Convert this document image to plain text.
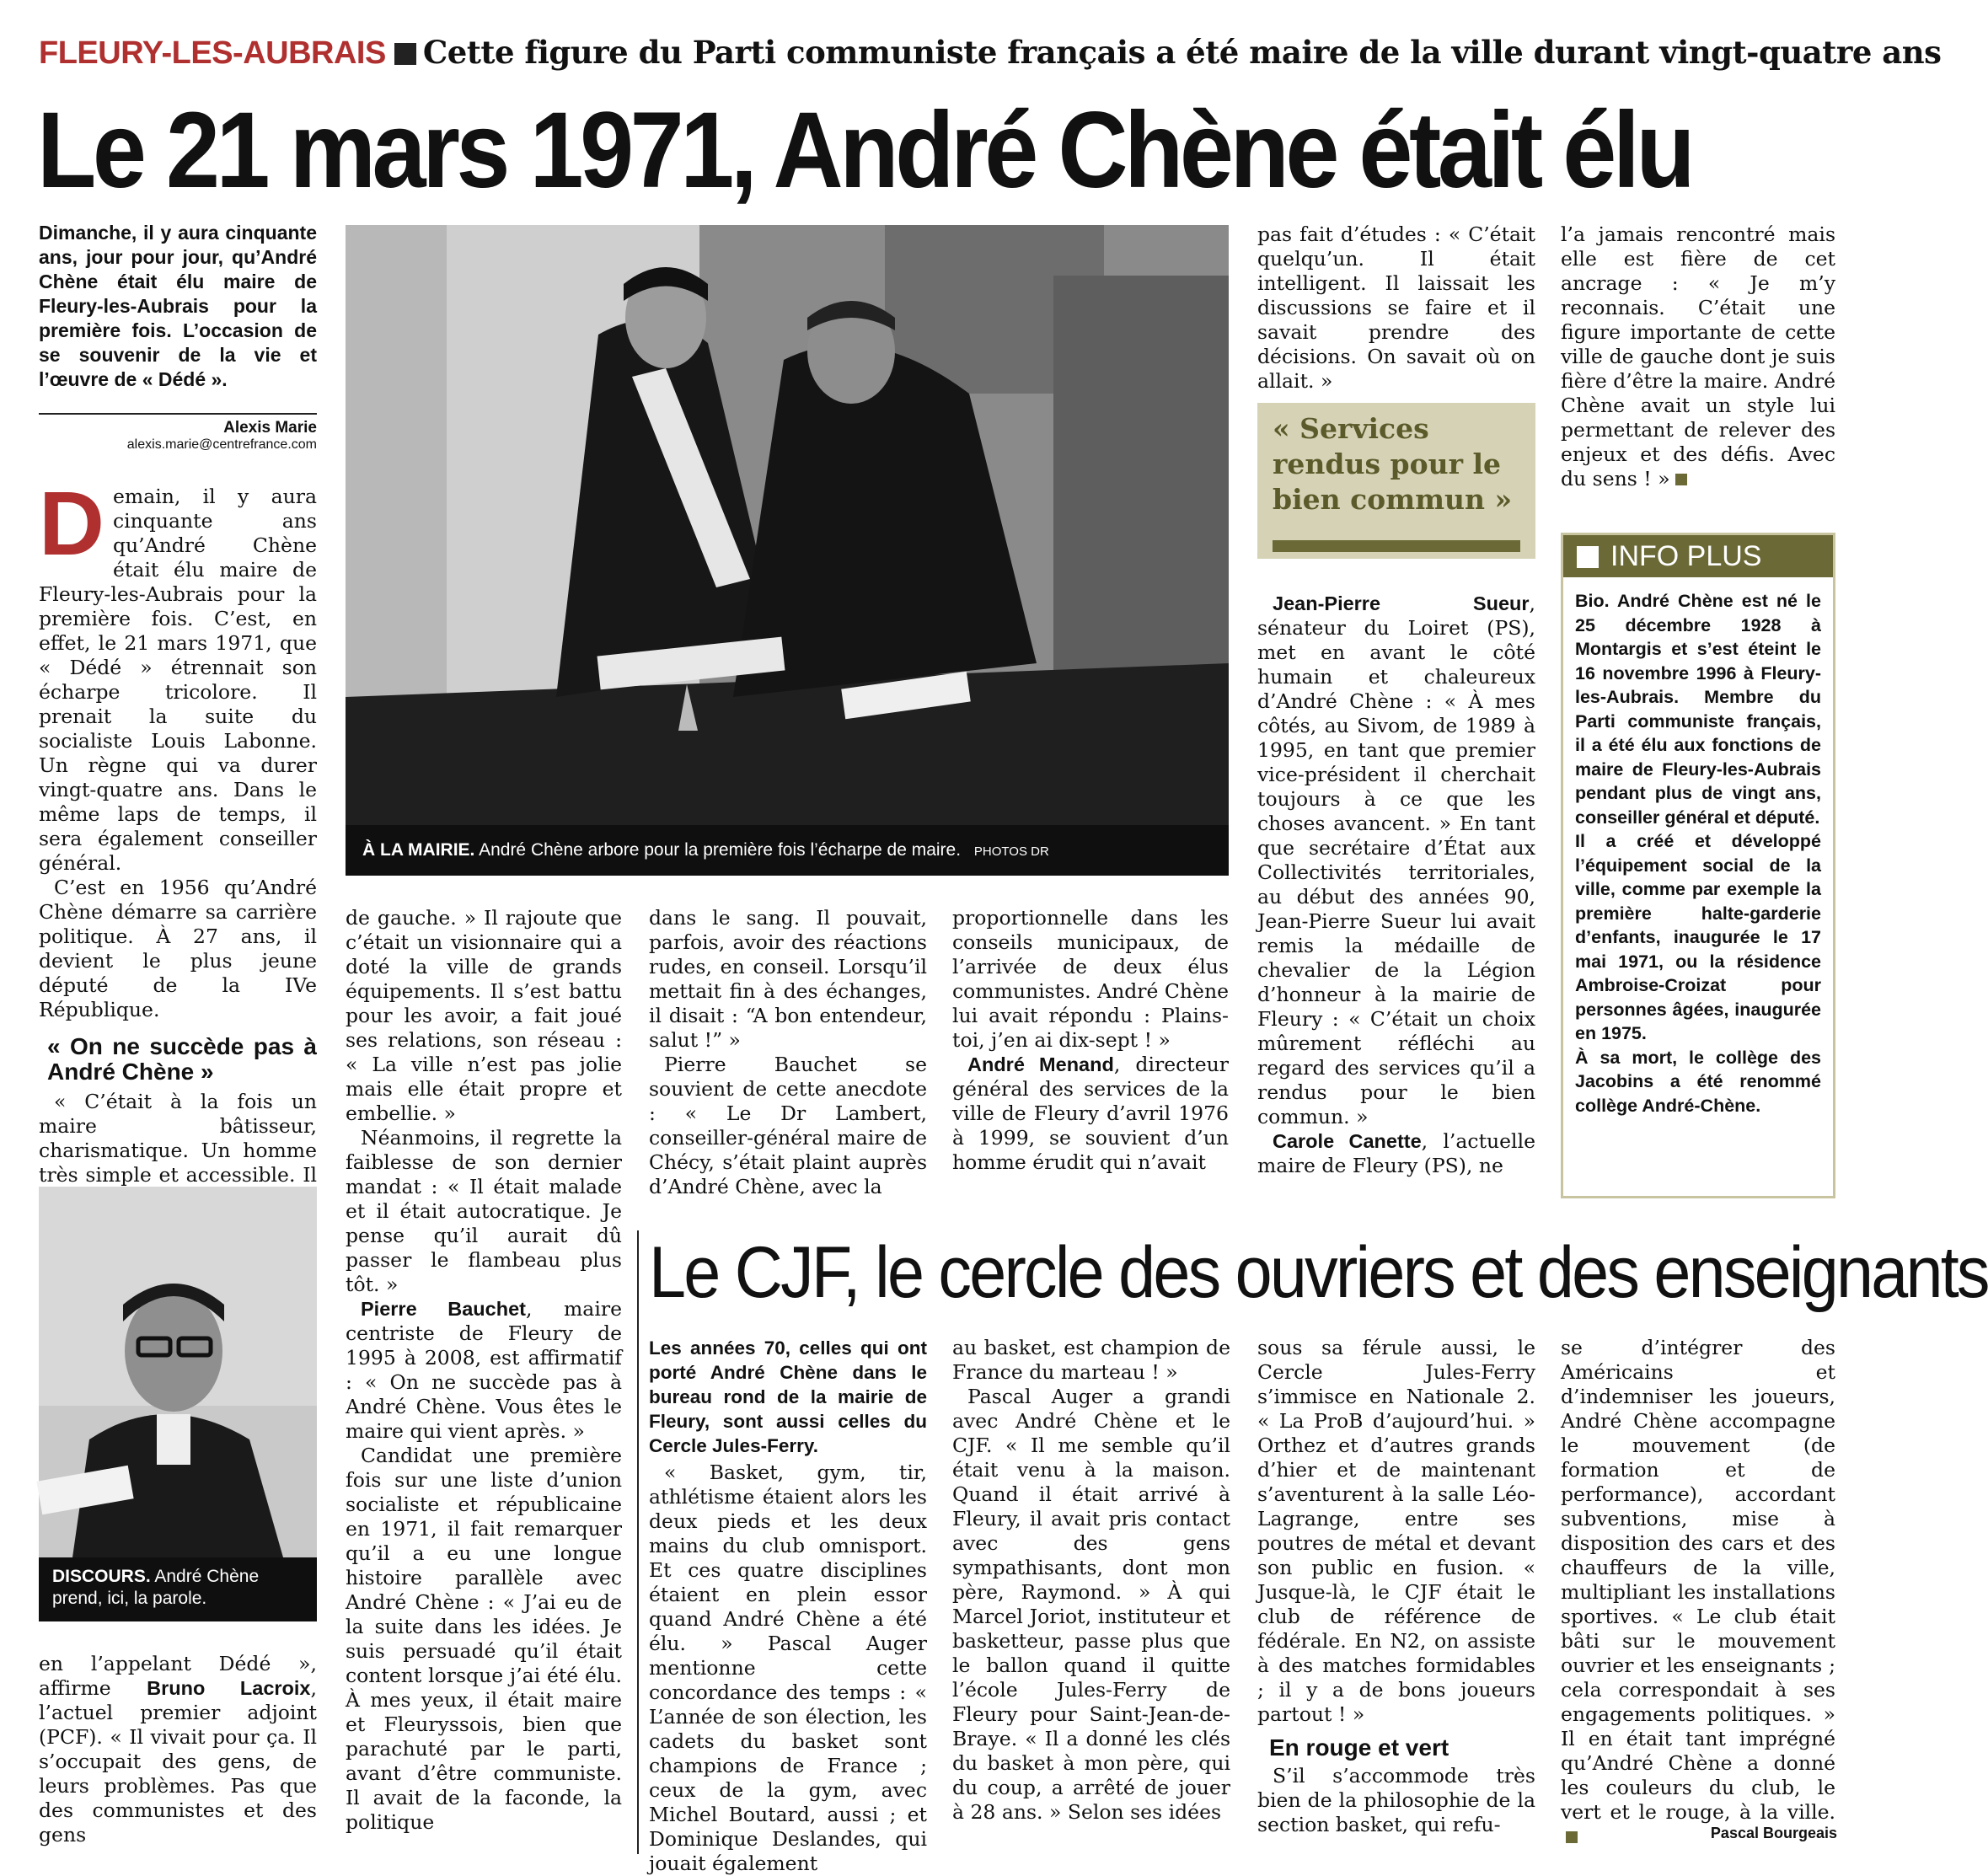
FLEURY-LES-AUBRAIS Cette figure du Parti communiste français a été maire de la ville durant vingt-quatre ans
Le 21 mars 1971, André Chène était élu
Dimanche, il y aura cinquante ans, jour pour jour, qu’André Chène était élu maire de Fleury-les-Aubrais pour la première fois. L’occasion de se souvenir de la vie et l’œuvre de « Dédé ».
Alexis Marie
alexis.marie@centrefrance.com

Demain, il y aura cinquante ans qu’André Chène était élu maire de Fleury-les-Aubrais pour la première fois. C’est, en effet, le 21 mars 1971, que « Dédé » étrennait son écharpe tricolore. Il prenait la suite du socialiste Louis Labonne. Un règne qui va durer vingt-quatre ans. Dans le même laps de temps, il sera également conseiller général.

C’est en 1956 qu’André Chène démarre sa carrière politique. À 27 ans, il devient le plus jeune député de la IVe République.

« On ne succède pas à André Chène »

« C’était à la fois un maire bâtisseur, charismatique. Un homme très simple et accessible. Il

DISCOURS. André Chène prend, ici, la parole.

en l’appelant Dédé », affirme Bruno Lacroix, l’actuel premier adjoint (PCF). « Il vivait pour ça. Il s’occupait des gens, de leurs problèmes. Pas que des communistes et des gens

À LA MAIRIE. André Chène arbore pour la première fois l’écharpe de maire. PHOTOS DR

de gauche. » Il rajoute que c’était un visionnaire qui a doté la ville de grands équipements. Il s’est battu pour les avoir, a fait joué ses relations, son réseau : « La ville n’est pas jolie mais elle était propre et embellie. »

Néanmoins, il regrette la faiblesse de son dernier mandat : « Il était malade et il était autocratique. Je pense qu’il aurait dû passer le flambeau plus tôt. »

Pierre Bauchet, maire centriste de Fleury de 1995 à 2008, est affirmatif : « On ne succède pas à André Chène. Vous êtes le maire qui vient après. »

Candidat une première fois sur une liste d’union socialiste et républicaine en 1971, il fait remarquer qu’il a eu une longue histoire parallèle avec André Chène : « J’ai eu de la suite dans les idées. Je suis persuadé qu’il était content lorsque j’ai été élu. À mes yeux, il était maire et Fleuryssois, bien que parachuté par le parti, avant d’être communiste. Il avait de la faconde, la politique

dans le sang. Il pouvait, parfois, avoir des réactions rudes, en conseil. Lorsqu’il mettait fin à des échanges, il disait : “A bon entendeur, salut !” »

Pierre Bauchet se souvient de cette anecdote : « Le Dr Lambert, conseiller-général maire de Chécy, s’était plaint auprès d’André Chène, avec la

proportionnelle dans les conseils municipaux, de l’arrivée de deux élus communistes. André Chène lui avait répondu : Plains-toi, j’en ai dix-sept ! »

André Menand, directeur général des services de la ville de Fleury d’avril 1976 à 1999, se souvient d’un homme érudit qui n’avait

pas fait d’études : « C’était quelqu’un. Il était intelligent. Il laissait les discussions se faire et il savait prendre des décisions. On savait où on allait. »

« Services rendus pour le bien commun »

Jean-Pierre Sueur, sénateur du Loiret (PS), met en avant le côté humain et chaleureux d’André Chène : « À mes côtés, au Sivom, de 1989 à 1995, en tant que premier vice-président il cherchait toujours à ce que les choses avancent. » En tant que secrétaire d’État aux Collectivités territoriales, au début des années 90, Jean-Pierre Sueur lui avait remis la médaille de chevalier de la Légion d’honneur à la mairie de Fleury : « C’était un choix mûrement réfléchi au regard des services qu’il a rendus pour le bien commun. »

Carole Canette, l’actuelle maire de Fleury (PS), ne

l’a jamais rencontré mais elle est fière de cet ancrage : « Je m’y reconnais. C’était une figure importante de cette ville de gauche dont je suis fière d’être la maire. André Chène avait un style lui permettant de relever des enjeux et des défis. Avec du sens ! »

INFO PLUS

Bio. André Chène est né le 25 décembre 1928 à Montargis et s’est éteint le 16 novembre 1996 à Fleury-les-Aubrais. Membre du Parti communiste français, il a été élu aux fonctions de maire de Fleury-les-Aubrais pendant plus de vingt ans, conseiller général et député.

Il a créé et développé l’équipement social de la ville, comme par exemple la première halte-garderie d’enfants, inaugurée le 17 mai 1971, ou la résidence Ambroise-Croizat pour personnes âgées, inaugurée en 1975.

À sa mort, le collège des Jacobins a été renommé collège André-Chène.

Le CJF, le cercle des ouvriers et des enseignants
Les années 70, celles qui ont porté André Chène dans le bureau rond de la mairie de Fleury, sont aussi celles du Cercle Jules-Ferry.

« Basket, gym, tir, athlétisme étaient alors les deux pieds et les deux mains du club omnisport. Et ces quatre disciplines étaient en plein essor quand André Chène a été élu. » Pascal Auger mentionne cette concordance des temps : « L’année de son élection, les cadets du basket sont champions de France ; ceux de la gym, avec Michel Boutard, aussi ; et Dominique Deslandes, qui jouait également

au basket, est champion de France du marteau ! »

Pascal Auger a grandi avec André Chène et le CJF. « Il me semble qu’il était venu à la maison. Quand il était arrivé à Fleury, il avait pris contact avec des gens sympathisants, dont mon père, Raymond. » À qui Marcel Joriot, instituteur et basketteur, passe plus que le ballon quand il quitte l’école Jules-Ferry de Fleury pour Saint-Jean-de-Braye. « Il a donné les clés du basket à mon père, qui du coup, a arrêté de jouer à 28 ans. » Selon ses idées

sous sa férule aussi, le Cercle Jules-Ferry s’immisce en Nationale 2. « La ProB d’aujourd’hui. » Orthez et d’autres grands d’hier et de maintenant s’aventurent à la salle Léo-Lagrange, entre ses poutres de métal et devant son public en fusion. « Jusque-là, le CJF était le club de référence de fédérale. En N2, on assiste à des matches formidables ; il y a de bons joueurs partout ! »

En rouge et vert

S’il s’accommode très bien de la philosophie de la section basket, qui refu-

se d’intégrer des Américains et d’indemniser les joueurs, André Chène accompagne le mouvement (de formation et de performance), accordant subventions, mise à disposition des cars et des chauffeurs de la ville, multipliant les installations sportives. « Le club était bâti sur le mouvement ouvrier et les enseignants ; cela correspondait à ses engagements politiques. » Il en était tant imprégné qu’André Chène a donné les couleurs du club, le vert et le rouge, à la ville.

Pascal Bourgeais
